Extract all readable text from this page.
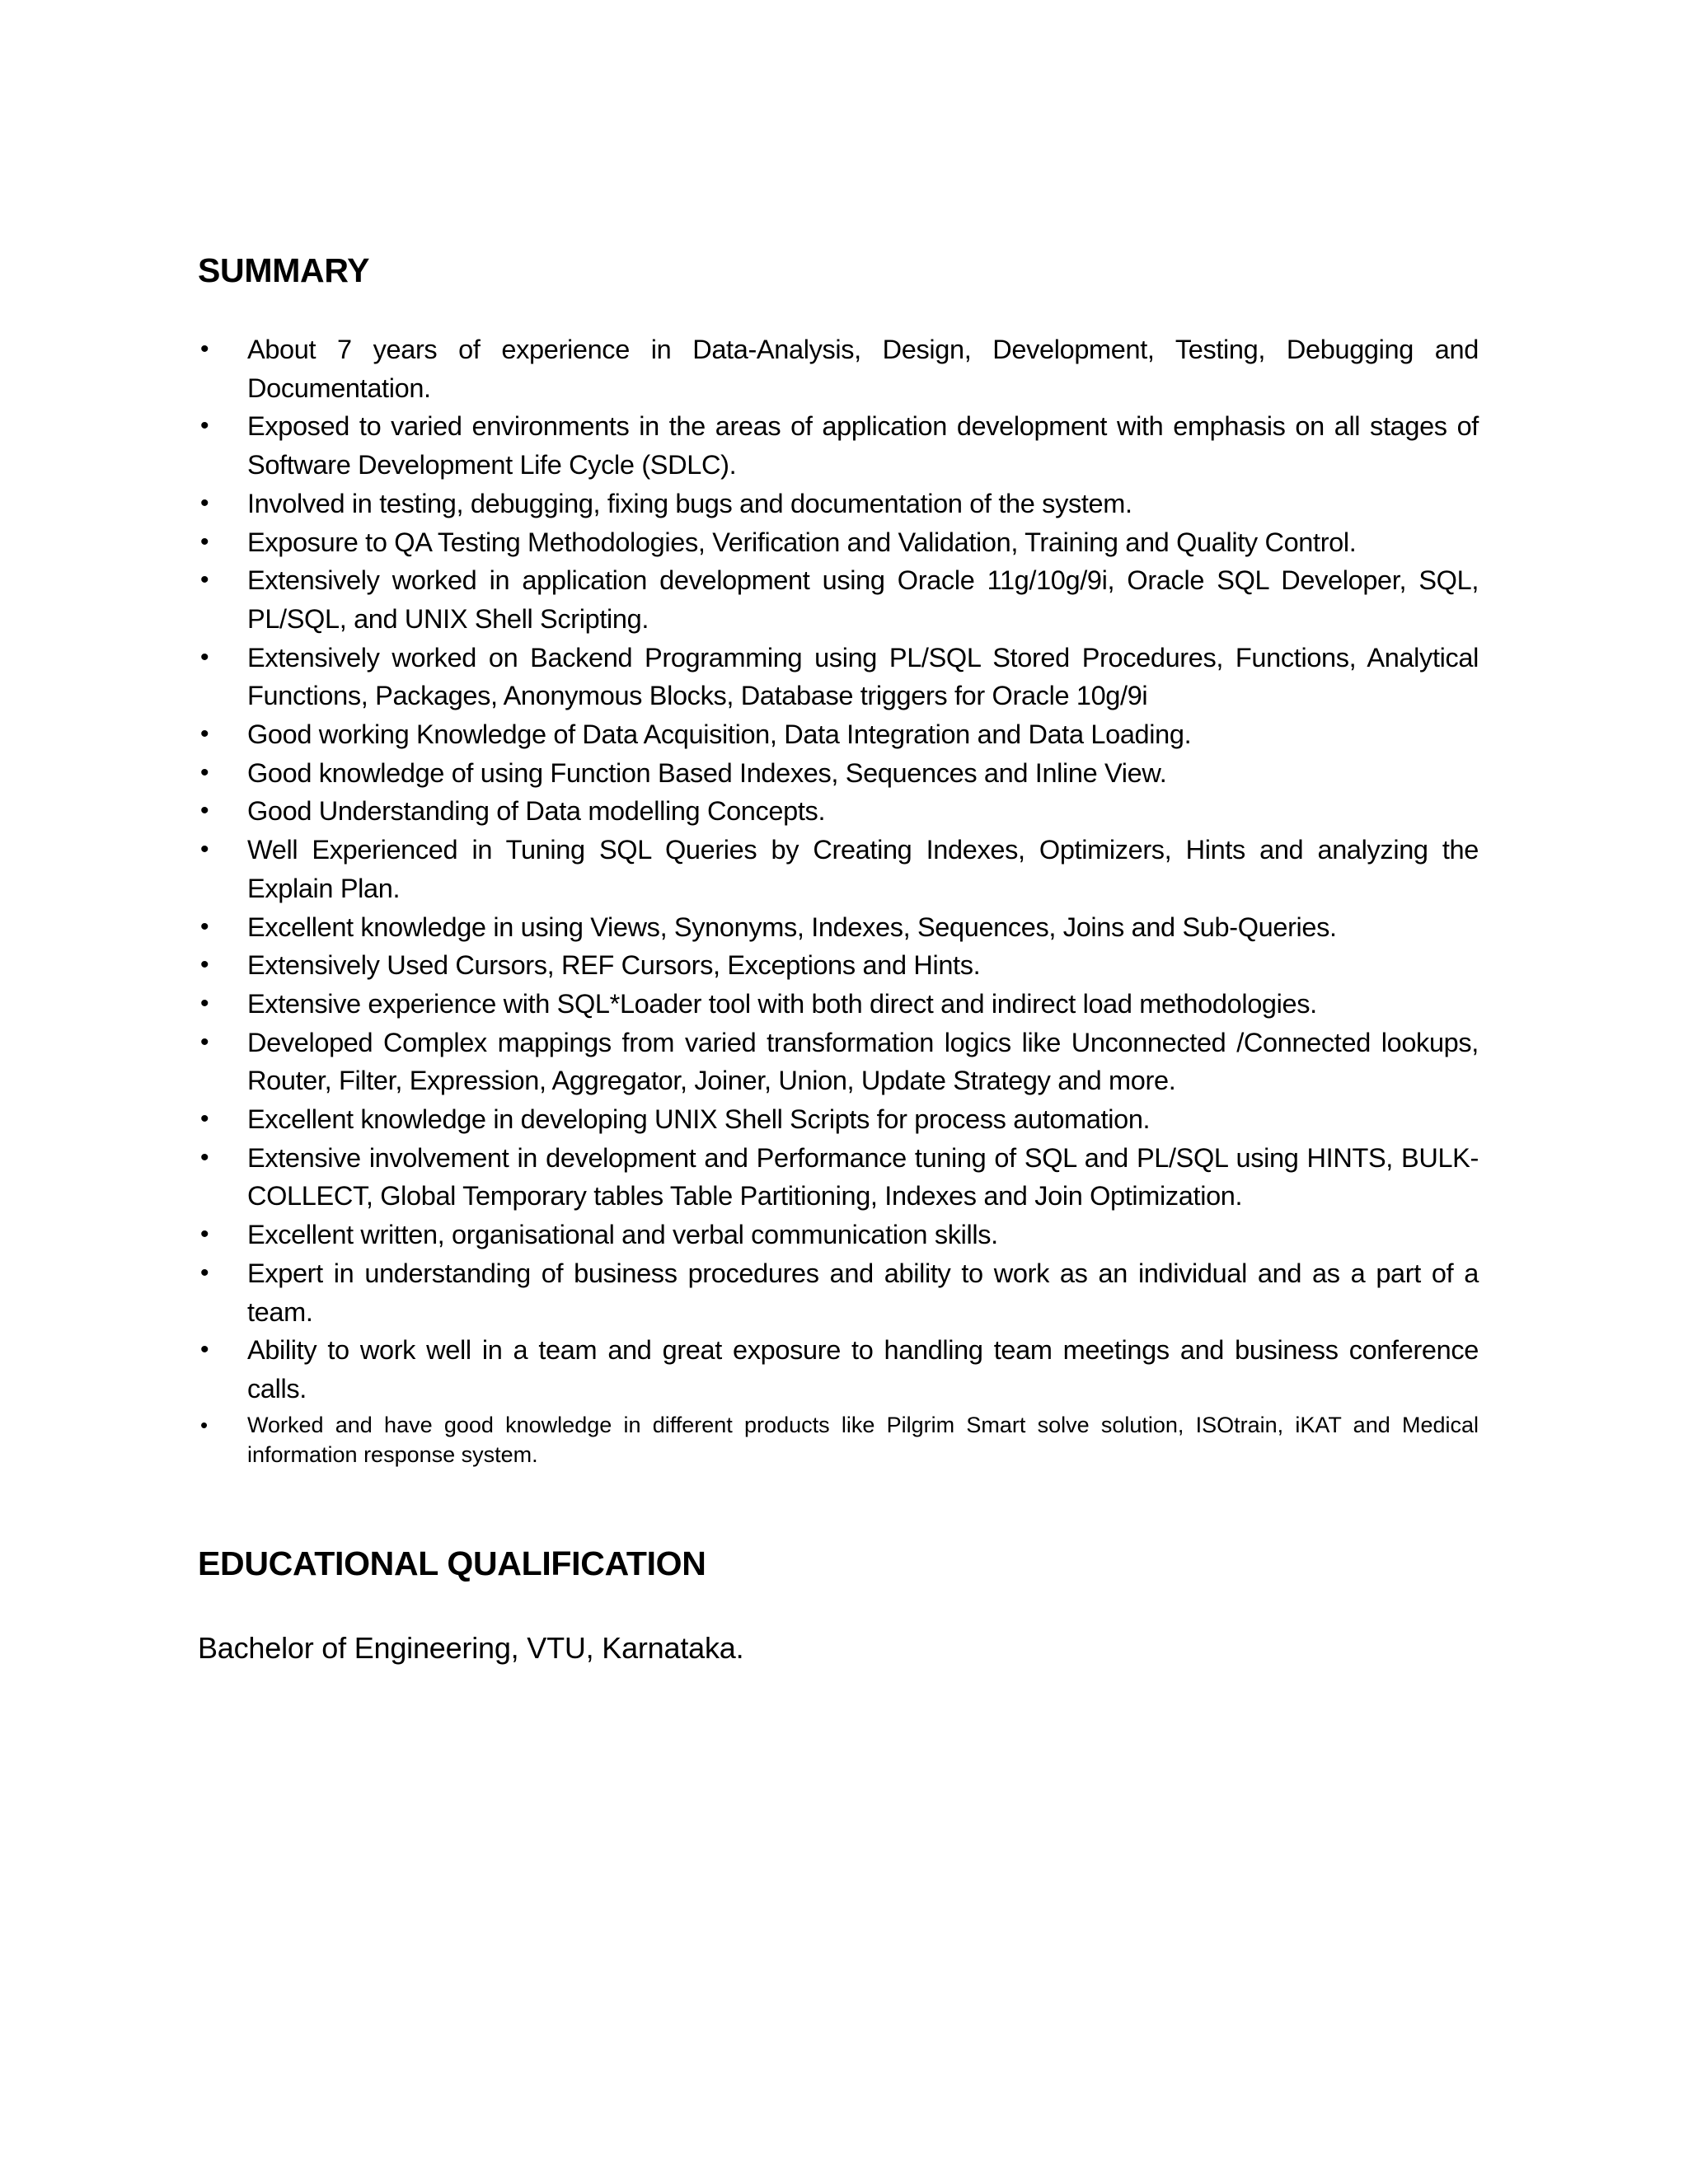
SUMMARY
•	About 7 years of experience in Data-Analysis, Design, Development, Testing, Debugging and Documentation.
•	Exposed to varied environments in the areas of application development with emphasis on all stages of Software Development Life Cycle (SDLC).
•	Involved in testing, debugging, fixing bugs and documentation of the system.
•	Exposure to QA Testing Methodologies, Verification and Validation, Training and Quality Control.
•	Extensively worked in application development using Oracle 11g/10g/9i, Oracle SQL Developer, SQL, PL/SQL, and UNIX Shell Scripting.
•	Extensively worked on Backend Programming using PL/SQL Stored Procedures, Functions, Analytical Functions, Packages, Anonymous Blocks, Database triggers for Oracle 10g/9i
•	Good working Knowledge of Data Acquisition, Data Integration and Data Loading.
•	Good knowledge of using Function Based Indexes, Sequences and Inline View.
•	Good Understanding of Data modelling Concepts.
•	Well Experienced in Tuning SQL Queries by Creating Indexes, Optimizers, Hints and analyzing the Explain Plan.
•	Excellent knowledge in using Views, Synonyms, Indexes, Sequences, Joins and Sub-Queries.
•	Extensively Used Cursors, REF Cursors, Exceptions and Hints.
•	Extensive experience with SQL*Loader tool with both direct and indirect load methodologies.
•	Developed Complex mappings from varied transformation logics like Unconnected /Connected lookups, Router, Filter, Expression, Aggregator, Joiner, Union, Update Strategy and more.
•	Excellent knowledge in developing UNIX Shell Scripts for process automation.
•	Extensive involvement in development and Performance tuning of SQL and PL/SQL using HINTS, BULK-COLLECT, Global Temporary tables Table Partitioning, Indexes and Join Optimization.
•	Excellent written, organisational and verbal communication skills.
•	Expert in understanding of business procedures and ability to work as an individual and as a part of a team.
•	Ability to work well in a team and great exposure to handling team meetings and business conference calls.
•	Worked and have good knowledge in different products like Pilgrim Smart solve solution, ISOtrain, iKAT and Medical information response system.
EDUCATIONAL QUALIFICATION
Bachelor of Engineering, VTU, Karnataka.
